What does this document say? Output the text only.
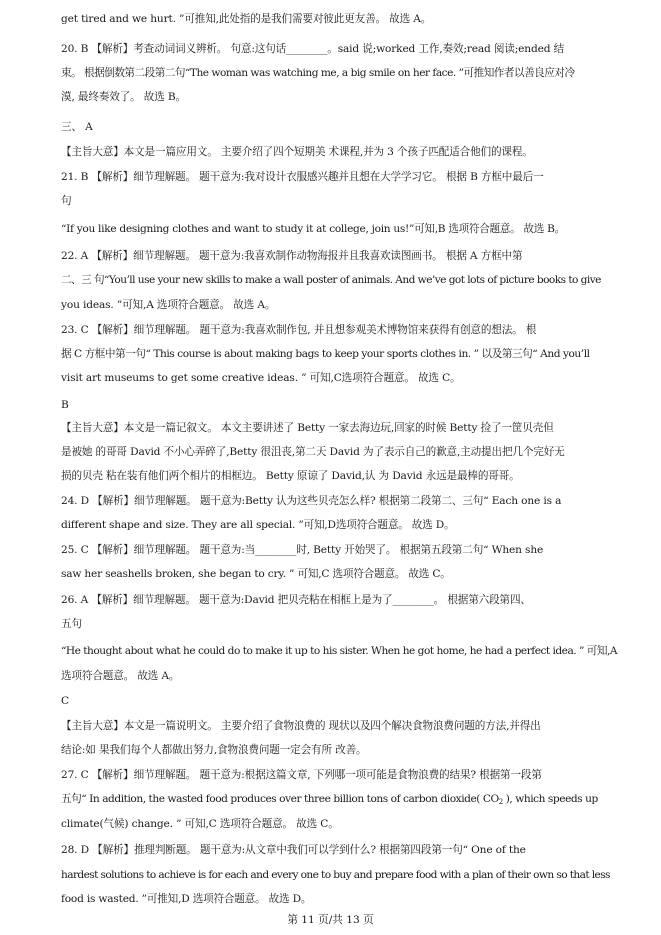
get tired and we hurt. ”可推知,此处指的是我们需要对彼此更友善。 故选 A。
20. B 【解析】考查动词词义辨析。 句意:这句话________。said 说;worked 工作,奏效;read 阅读;ended 结
束。 根据倒数第二段第二句“The woman was watching me, a big smile on her face. ”可推知作者以善良应对冷
漠, 最终奏效了。 故选 B。
三、 A
【主旨大意】本文是一篇应用文。 主要介绍了四个短期美 术课程,并为 3 个孩子匹配适合他们的课程。
21. B 【解析】细节理解题。 题干意为:我对设计衣服感兴趣并且想在大学学习它。 根据 B 方框中最后一
句
“If you like designing clothes and want to study it at college, join us!”可知,B 选项符合题意。 故选 B。
22. A 【解析】细节理解题。 题干意为:我喜欢制作动物海报并且我喜欢读图画书。 根据 A 方框中第
二、三 句“You’ll use your new skills to make a wall poster of animals. And we’ve got lots of picture books to give
you ideas. ”可知,A 选项符合题意。 故选 A。
23. C 【解析】细节理解题。 题干意为:我喜欢制作包, 并且想参观美术博物馆来获得有创意的想法。 根
据 C 方框中第一句“ This course is about making bags to keep your sports clothes in. ” 以及第三句“ And you’ll
visit art museums to get some creative ideas. ” 可知,C选项符合题意。 故选 C。
B
【主旨大意】本文是一篇记叙文。 本文主要讲述了 Betty 一家去海边玩,回家的时候 Betty 捡了一筐贝壳但
是被她 的哥哥 David 不小心弄碎了,Betty 很沮丧,第二天 David 为了表示自己的歉意,主动提出把几个完好无
损的贝壳 粘在装有他们两个相片的相框边。 Betty 原谅了 David,认 为 David 永远是最棒的哥哥。
24. D 【解析】细节理解题。 题干意为:Betty 认为这些贝壳怎么样? 根据第二段第二、三句“ Each one is a
different shape and size. They are all special. ”可知,D选项符合题意。 故选 D。
25. C 【解析】细节理解题。 题干意为:当________时, Betty 开始哭了。 根据第五段第二句“ When she
saw her seashells broken, she began to cry. ” 可知,C 选项符合题意。 故选 C。
26. A 【解析】细节理解题。 题干意为:David 把贝壳粘在相框上是为了________。 根据第六段第四、
五句
“He thought about what he could do to make it up to his sister. When he got home, he had a perfect idea. ” 可知,A
选项符合题意。 故选 A。
C
【主旨大意】本文是一篇说明文。 主要介绍了食物浪费的 现状以及四个解决食物浪费问题的方法,并得出
结论:如 果我们每个人都做出努力,食物浪费问题一定会有所 改善。
27. C 【解析】细节理解题。 题干意为:根据这篇文章, 下列哪一项可能是食物浪费的结果? 根据第一段第
五句“ In addition, the wasted food produces over three billion tons of carbon dioxide( $CO_2$ ), which speeds up
climate(气候) change. ” 可知,C 选项符合题意。 故选 C。
28. D 【解析】推理判断题。 题干意为:从文章中我们可以学到什么? 根据第四段第一句“ One of the
hardest solutions to achieve is for each and every one to buy and prepare food with a plan of their own so that less
food is wasted. ”可推知,D 选项符合题意。 故选 D。
第 11 页/共 13 页
